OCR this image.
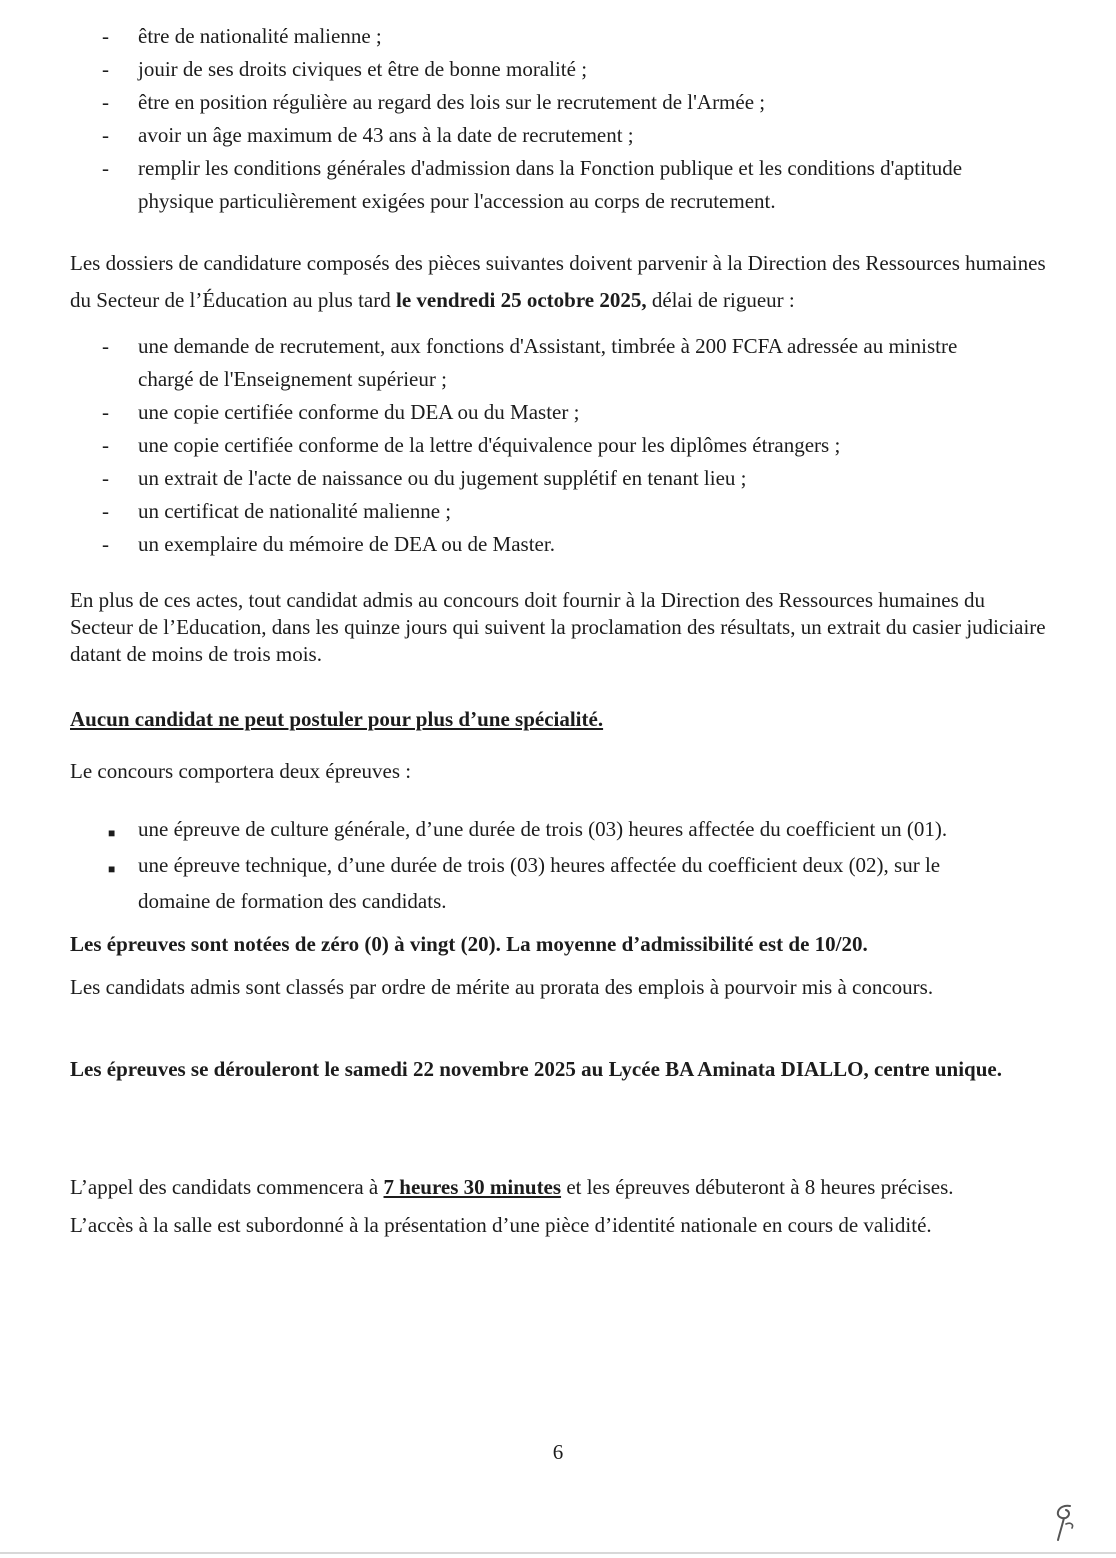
- être de nationalité malienne ;
- jouir de ses droits civiques et être de bonne moralité ;
- être en position régulière au regard des lois sur le recrutement de l'Armée ;
- avoir un âge maximum de 43 ans à la date de recrutement ;
- remplir les conditions générales d'admission dans la Fonction publique et les conditions d'aptitude physique particulièrement exigées pour l'accession au corps de recrutement.

Les dossiers de candidature composés des pièces suivantes doivent parvenir à la Direction des Ressources humaines du Secteur de l’Éducation au plus tard le vendredi 25 octobre 2025, délai de rigueur :

- une demande de recrutement, aux fonctions d'Assistant, timbrée à 200 FCFA adressée au ministre chargé de l'Enseignement supérieur ;
- une copie certifiée conforme du DEA ou du Master ;
- une copie certifiée conforme de la lettre d'équivalence pour les diplômes étrangers ;
- un extrait de l'acte de naissance ou du jugement supplétif en tenant lieu ;
- un certificat de nationalité malienne ;
- un exemplaire du mémoire de DEA ou de Master.

En plus de ces actes, tout candidat admis au concours doit fournir à la Direction des Ressources humaines du Secteur de l’Education, dans les quinze jours qui suivent la proclamation des résultats, un extrait du casier judiciaire datant de moins de trois mois.

Aucun candidat ne peut postuler pour plus d’une spécialité.

Le concours comportera deux épreuves :

■ une épreuve de culture générale, d’une durée de trois (03) heures affectée du coefficient un (01).
■ une épreuve technique, d’une durée de trois (03) heures affectée du coefficient deux (02), sur le domaine de formation des candidats.

Les épreuves sont notées de zéro (0) à vingt (20). La moyenne d’admissibilité est de 10/20.

Les candidats admis sont classés par ordre de mérite au prorata des emplois à pourvoir mis à concours.

Les épreuves se dérouleront le samedi 22 novembre 2025 au Lycée BA Aminata DIALLO, centre unique.

L’appel des candidats commencera à 7 heures 30 minutes et les épreuves débuteront à 8 heures précises.

L’accès à la salle est subordonné à la présentation d’une pièce d’identité nationale en cours de validité.

6
